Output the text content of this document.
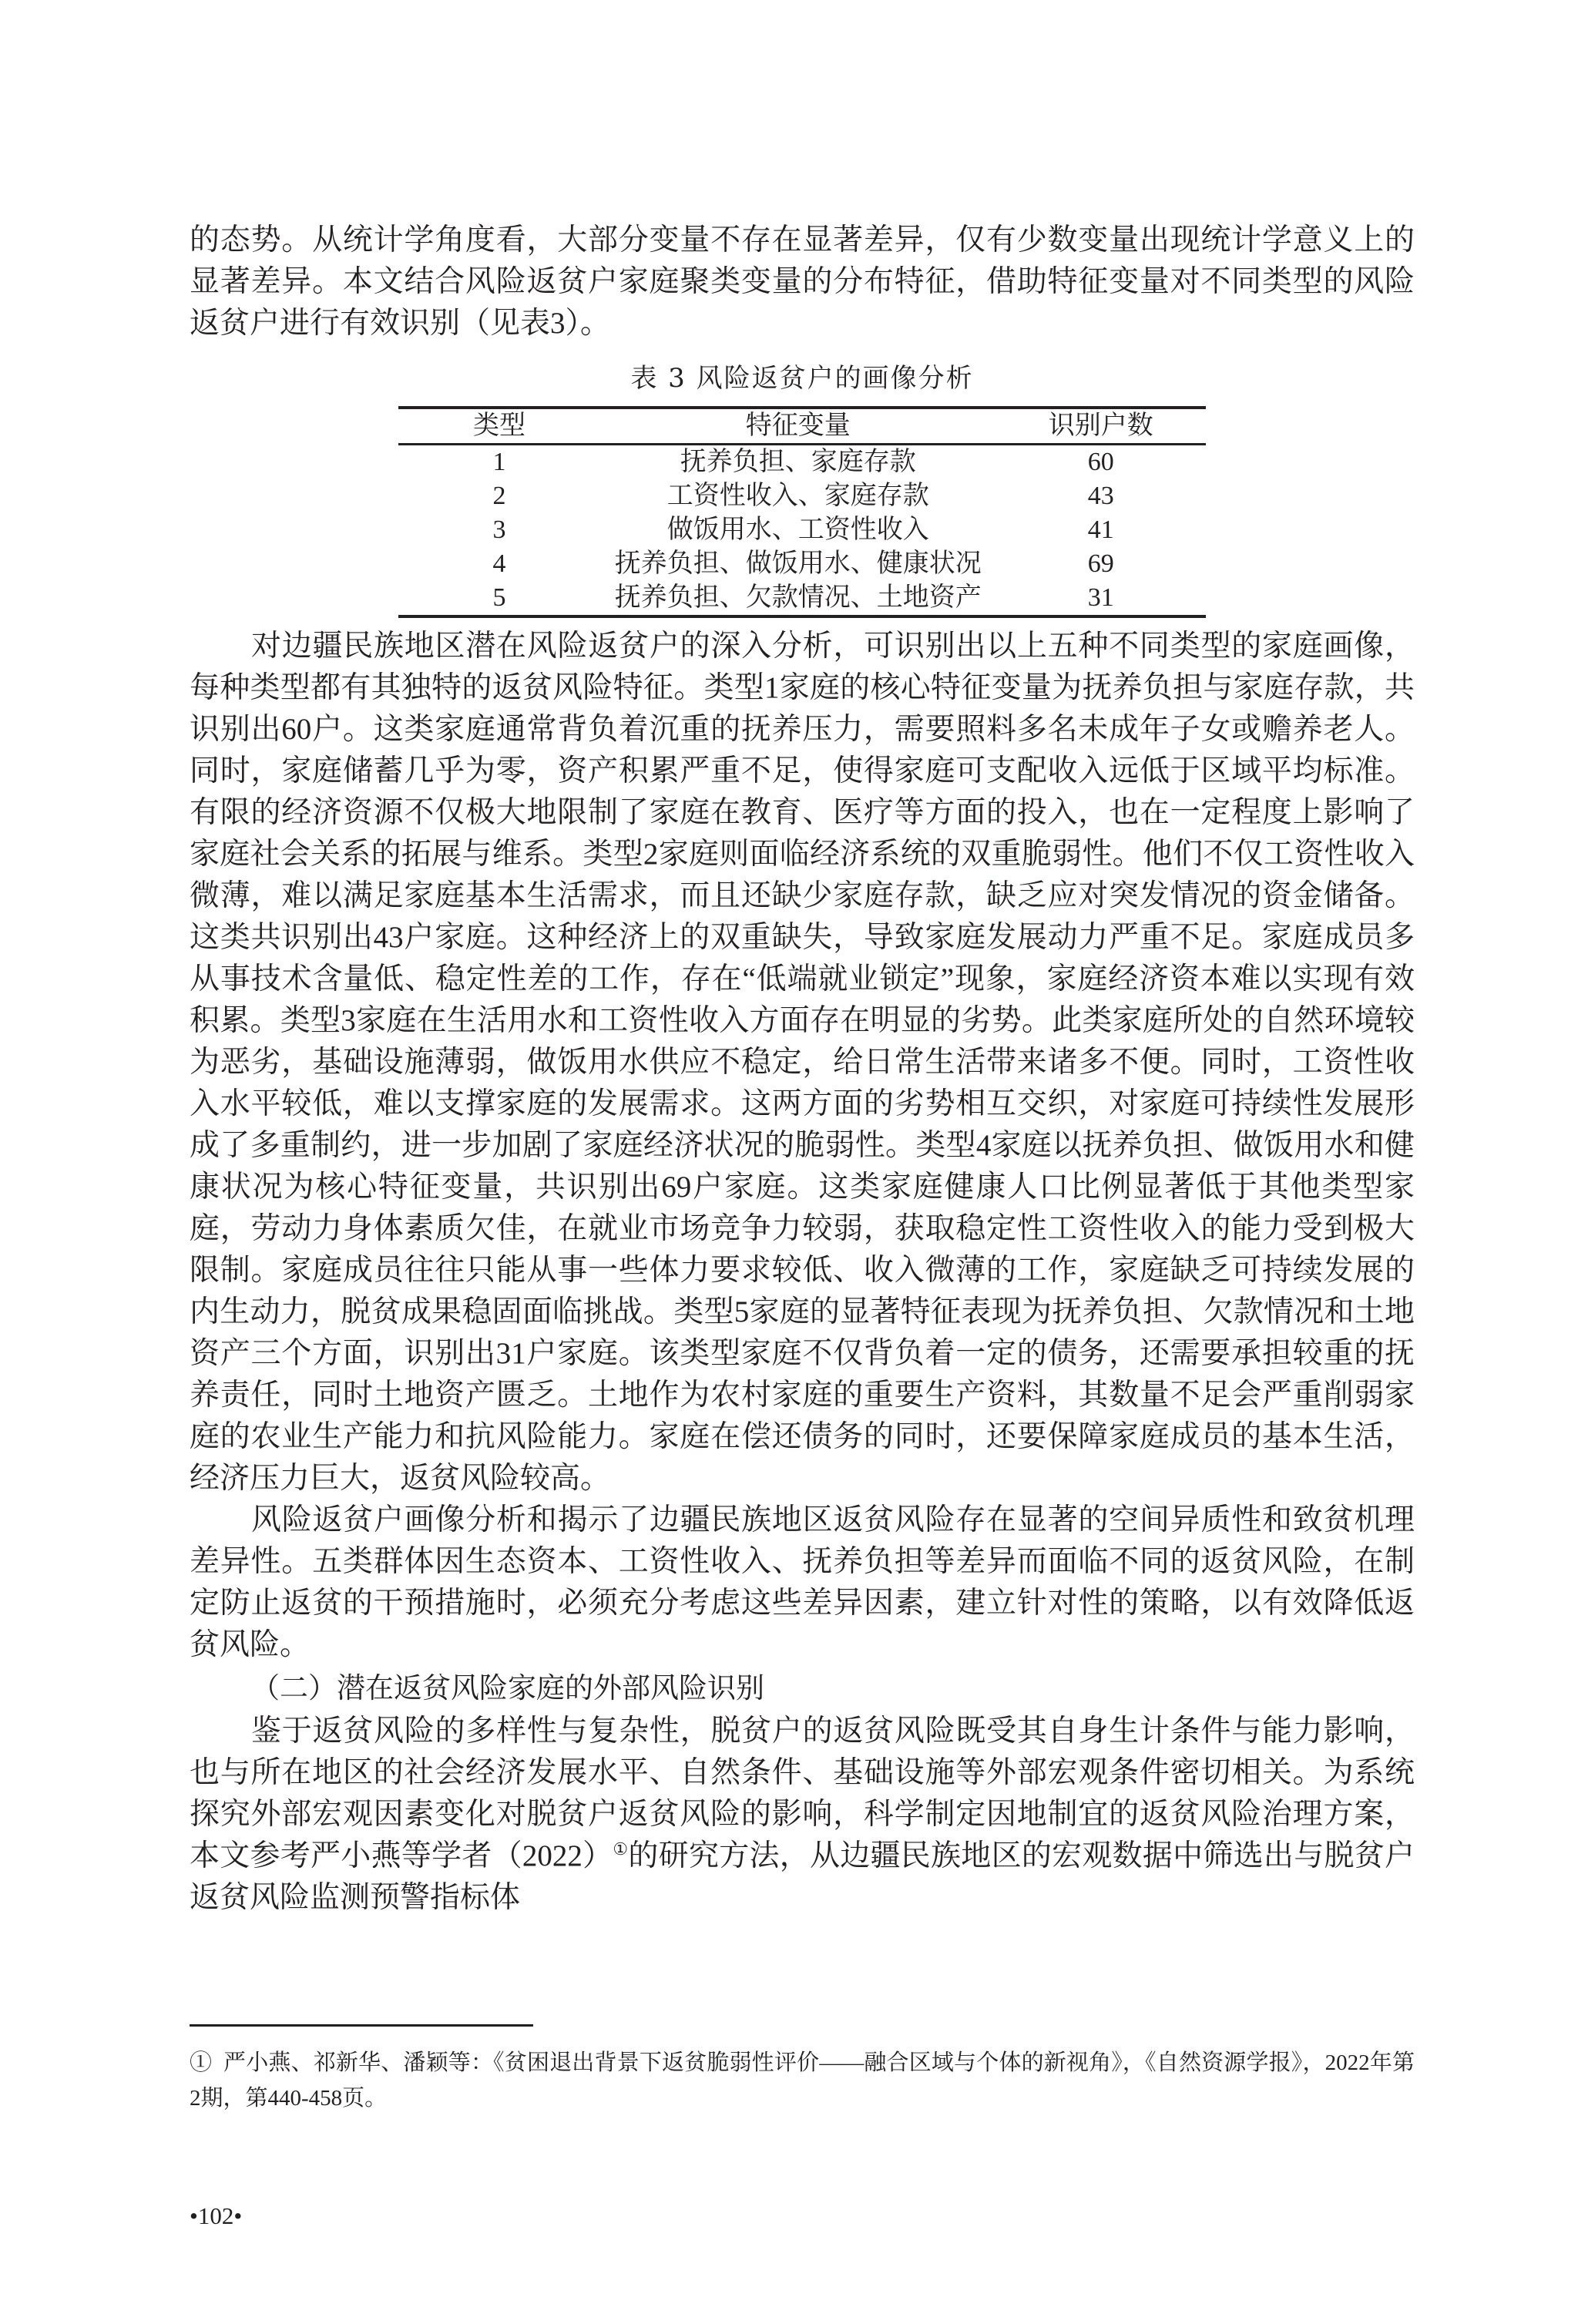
的态势。从统计学角度看，大部分变量不存在显著差异，仅有少数变量出现统计学意义上的显著差异。本文结合风险返贫户家庭聚类变量的分布特征，借助特征变量对不同类型的风险返贫户进行有效识别（见表3）。

表 3 风险返贫户的画像分析
类型	特征变量	识别户数
1	抚养负担、家庭存款	60
2	工资性收入、家庭存款	43
3	做饭用水、工资性收入	41
4	抚养负担、做饭用水、健康状况	69
5	抚养负担、欠款情况、土地资产	31

对边疆民族地区潜在风险返贫户的深入分析，可识别出以上五种不同类型的家庭画像，每种类型都有其独特的返贫风险特征。类型1家庭的核心特征变量为抚养负担与家庭存款，共识别出60户。这类家庭通常背负着沉重的抚养压力，需要照料多名未成年子女或赡养老人。同时，家庭储蓄几乎为零，资产积累严重不足，使得家庭可支配收入远低于区域平均标准。有限的经济资源不仅极大地限制了家庭在教育、医疗等方面的投入，也在一定程度上影响了家庭社会关系的拓展与维系。类型2家庭则面临经济系统的双重脆弱性。他们不仅工资性收入微薄，难以满足家庭基本生活需求，而且还缺少家庭存款，缺乏应对突发情况的资金储备。这类共识别出43户家庭。这种经济上的双重缺失，导致家庭发展动力严重不足。家庭成员多从事技术含量低、稳定性差的工作，存在“低端就业锁定”现象，家庭经济资本难以实现有效积累。类型3家庭在生活用水和工资性收入方面存在明显的劣势。此类家庭所处的自然环境较为恶劣，基础设施薄弱，做饭用水供应不稳定，给日常生活带来诸多不便。同时，工资性收入水平较低，难以支撑家庭的发展需求。这两方面的劣势相互交织，对家庭可持续性发展形成了多重制约，进一步加剧了家庭经济状况的脆弱性。类型4家庭以抚养负担、做饭用水和健康状况为核心特征变量，共识别出69户家庭。这类家庭健康人口比例显著低于其他类型家庭，劳动力身体素质欠佳，在就业市场竞争力较弱，获取稳定性工资性收入的能力受到极大限制。家庭成员往往只能从事一些体力要求较低、收入微薄的工作，家庭缺乏可持续发展的内生动力，脱贫成果稳固面临挑战。类型5家庭的显著特征表现为抚养负担、欠款情况和土地资产三个方面，识别出31户家庭。该类型家庭不仅背负着一定的债务，还需要承担较重的抚养责任，同时土地资产匮乏。土地作为农村家庭的重要生产资料，其数量不足会严重削弱家庭的农业生产能力和抗风险能力。家庭在偿还债务的同时，还要保障家庭成员的基本生活，经济压力巨大，返贫风险较高。

风险返贫户画像分析和揭示了边疆民族地区返贫风险存在显著的空间异质性和致贫机理差异性。五类群体因生态资本、工资性收入、抚养负担等差异而面临不同的返贫风险，在制定防止返贫的干预措施时，必须充分考虑这些差异因素，建立针对性的策略，以有效降低返贫风险。

（二）潜在返贫风险家庭的外部风险识别

鉴于返贫风险的多样性与复杂性，脱贫户的返贫风险既受其自身生计条件与能力影响，也与所在地区的社会经济发展水平、自然条件、基础设施等外部宏观条件密切相关。为系统探究外部宏观因素变化对脱贫户返贫风险的影响，科学制定因地制宜的返贫风险治理方案，本文参考严小燕等学者（2022）①的研究方法，从边疆民族地区的宏观数据中筛选出与脱贫户返贫风险监测预警指标体

① 严小燕、祁新华、潘颖等：《贫困退出背景下返贫脆弱性评价——融合区域与个体的新视角》，《自然资源学报》，2022年第2期，第440-458页。
•102•
